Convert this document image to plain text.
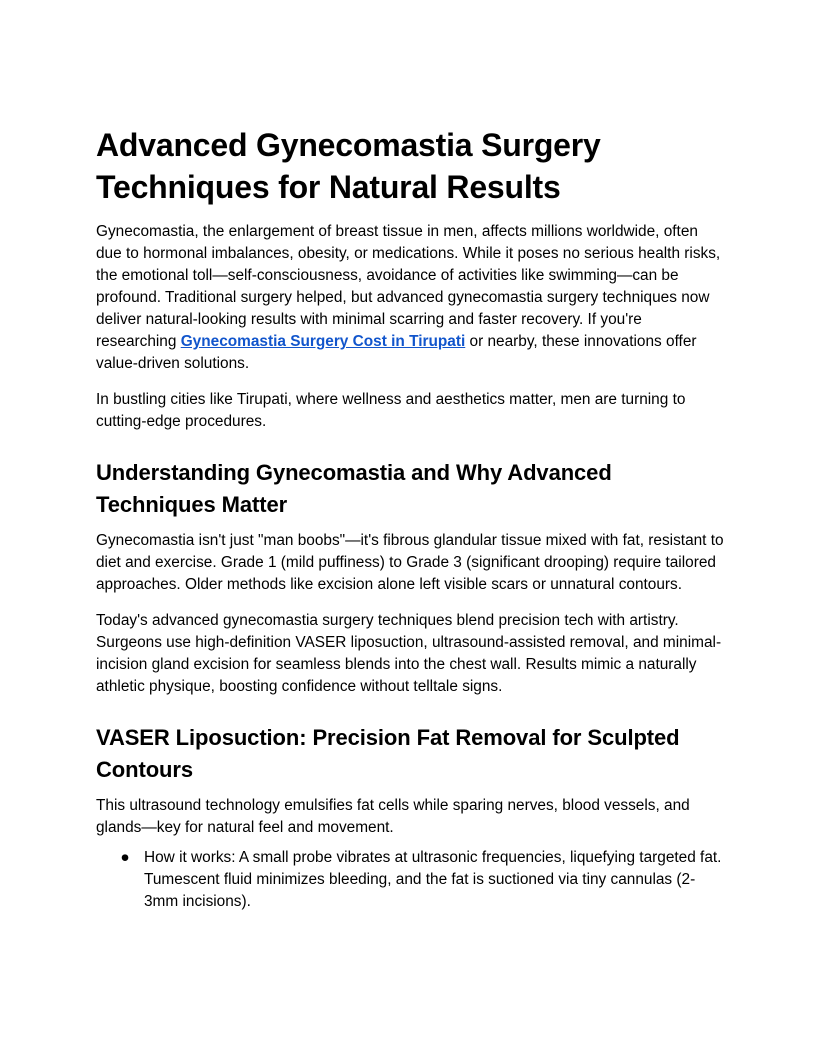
Advanced Gynecomastia Surgery Techniques for Natural Results

Gynecomastia, the enlargement of breast tissue in men, affects millions worldwide, often due to hormonal imbalances, obesity, or medications. While it poses no serious health risks, the emotional toll—self-consciousness, avoidance of activities like swimming—can be profound. Traditional surgery helped, but advanced gynecomastia surgery techniques now deliver natural-looking results with minimal scarring and faster recovery. If you're researching Gynecomastia Surgery Cost in Tirupati or nearby, these innovations offer value-driven solutions.

In bustling cities like Tirupati, where wellness and aesthetics matter, men are turning to cutting-edge procedures.

Understanding Gynecomastia and Why Advanced Techniques Matter

Gynecomastia isn't just "man boobs"—it's fibrous glandular tissue mixed with fat, resistant to diet and exercise. Grade 1 (mild puffiness) to Grade 3 (significant drooping) require tailored approaches. Older methods like excision alone left visible scars or unnatural contours.

Today's advanced gynecomastia surgery techniques blend precision tech with artistry. Surgeons use high-definition VASER liposuction, ultrasound-assisted removal, and minimal-incision gland excision for seamless blends into the chest wall. Results mimic a naturally athletic physique, boosting confidence without telltale signs.

VASER Liposuction: Precision Fat Removal for Sculpted Contours

This ultrasound technology emulsifies fat cells while sparing nerves, blood vessels, and glands—key for natural feel and movement.

● How it works: A small probe vibrates at ultrasonic frequencies, liquefying targeted fat. Tumescent fluid minimizes bleeding, and the fat is suctioned via tiny cannulas (2-3mm incisions).
